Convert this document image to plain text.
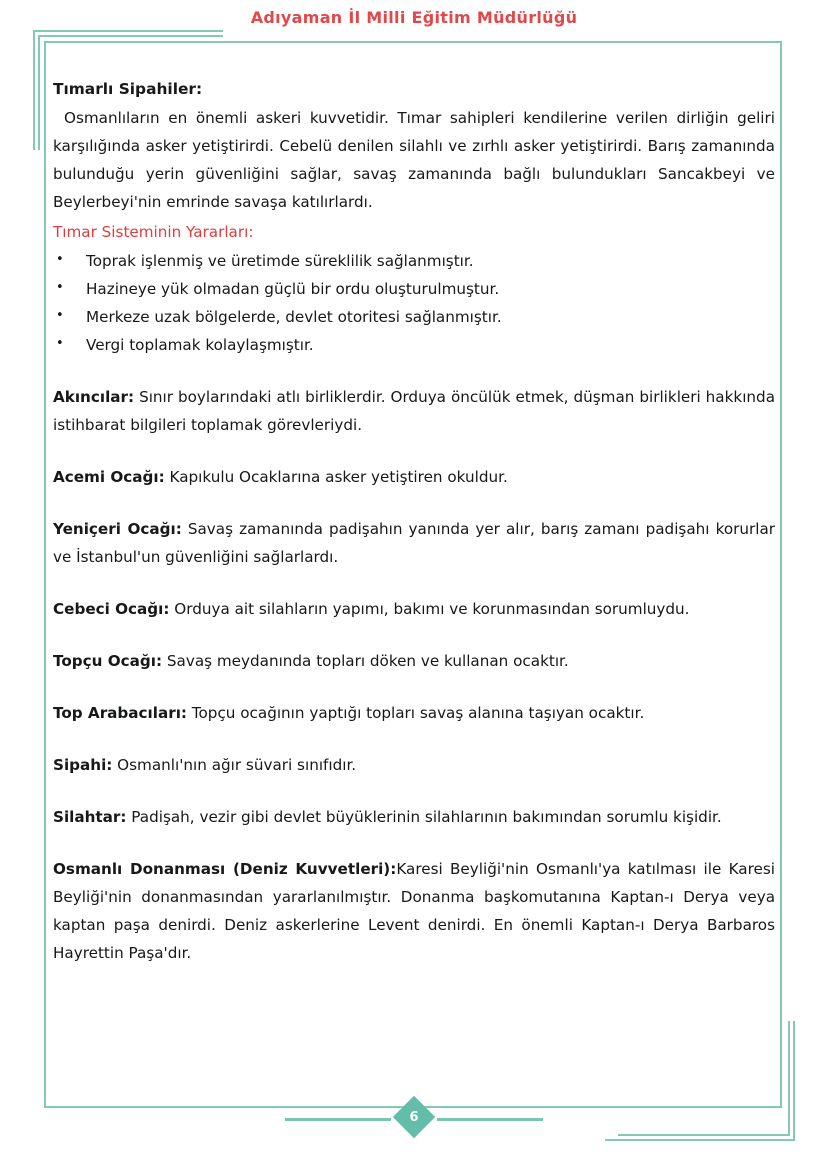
Adıyaman İl Milli Eğitim Müdürlüğü
Tımarlı Sipahiler:

Osmanlıların en önemli askeri kuvvetidir. Tımar sahipleri kendilerine verilen dirliğin geliri karşılığında asker yetiştirirdi. Cebelü denilen silahlı ve zırhlı asker yetiştirirdi. Barış zamanında bulunduğu yerin güvenliğini sağlar, savaş zamanında bağlı bulundukları Sancakbeyi ve Beylerbeyi'nin emrinde savaşa katılırlardı.

Tımar Sisteminin Yararları:
• Toprak işlenmiş ve üretimde süreklilik sağlanmıştır.
• Hazineye yük olmadan güçlü bir ordu oluşturulmuştur.
• Merkeze uzak bölgelerde, devlet otoritesi sağlanmıştır.
• Vergi toplamak kolaylaşmıştır.

Akıncılar: Sınır boylarındaki atlı birliklerdir. Orduya öncülük etmek, düşman birlikleri hakkında istihbarat bilgileri toplamak görevleriydi.

Acemi Ocağı: Kapıkulu Ocaklarına asker yetiştiren okuldur.

Yeniçeri Ocağı: Savaş zamanında padişahın yanında yer alır, barış zamanı padişahı korurlar ve İstanbul'un güvenliğini sağlarlardı.

Cebeci Ocağı: Orduya ait silahların yapımı, bakımı ve korunmasından sorumluydu.

Topçu Ocağı: Savaş meydanında topları döken ve kullanan ocaktır.

Top Arabacıları: Topçu ocağının yaptığı topları savaş alanına taşıyan ocaktır.

Sipahi: Osmanlı'nın ağır süvari sınıfıdır.

Silahtar: Padişah, vezir gibi devlet büyüklerinin silahlarının bakımından sorumlu kişidir.

Osmanlı Donanması (Deniz Kuvvetleri):Karesi Beyliği'nin Osmanlı'ya katılması ile Karesi Beyliği'nin donanmasından yararlanılmıştır. Donanma başkomutanına Kaptan-ı Derya veya kaptan paşa denirdi. Deniz askerlerine Levent denirdi. En önemli Kaptan-ı Derya Barbaros Hayrettin Paşa'dır.

6
